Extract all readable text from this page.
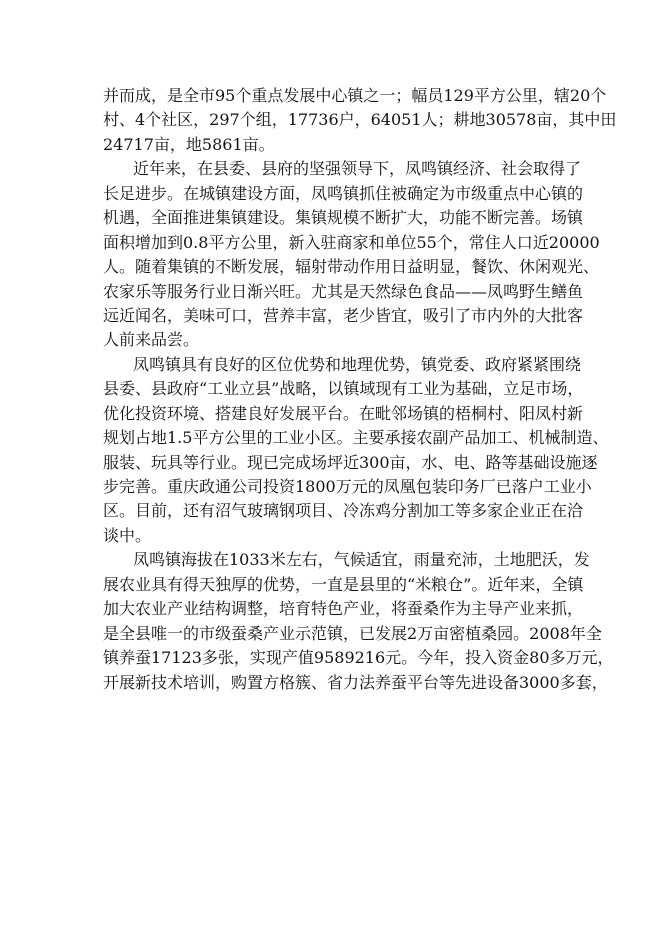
并而成，是全市95个重点发展中心镇之一；幅员129平方公里，辖20个
村、4个社区，297个组，17736户，64051人；耕地30578亩，其中田
24717亩，地5861亩。
近年来，在县委、县府的坚强领导下，凤鸣镇经济、社会取得了
长足进步。在城镇建设方面，凤鸣镇抓住被确定为市级重点中心镇的
机遇，全面推进集镇建设。集镇规模不断扩大，功能不断完善。场镇
面积增加到0.8平方公里，新入驻商家和单位55个，常住人口近20000
人。随着集镇的不断发展，辐射带动作用日益明显，餐饮、休闲观光、
农家乐等服务行业日渐兴旺。尤其是天然绿色食品——凤鸣野生鳝鱼
远近闻名，美味可口，营养丰富，老少皆宜，吸引了市内外的大批客
人前来品尝。
凤鸣镇具有良好的区位优势和地理优势，镇党委、政府紧紧围绕
县委、县政府“工业立县”战略，以镇域现有工业为基础，立足市场，
优化投资环境、搭建良好发展平台。在毗邻场镇的梧桐村、阳凤村新
规划占地1.5平方公里的工业小区。主要承接农副产品加工、机械制造、
服装、玩具等行业。现已完成场坪近300亩，水、电、路等基础设施逐
步完善。重庆政通公司投资1800万元的凤凰包装印务厂已落户工业小
区。目前，还有沼气玻璃钢项目、冷冻鸡分割加工等多家企业正在洽
谈中。
凤鸣镇海拔在1033米左右，气候适宜，雨量充沛，土地肥沃，发
展农业具有得天独厚的优势，一直是县里的“米粮仓”。近年来，全镇
加大农业产业结构调整，培育特色产业，将蚕桑作为主导产业来抓，
是全县唯一的市级蚕桑产业示范镇，已发展2万亩密植桑园。2008年全
镇养蚕17123多张，实现产值9589216元。今年，投入资金80多万元，
开展新技术培训，购置方格簇、省力法养蚕平台等先进设备3000多套，
